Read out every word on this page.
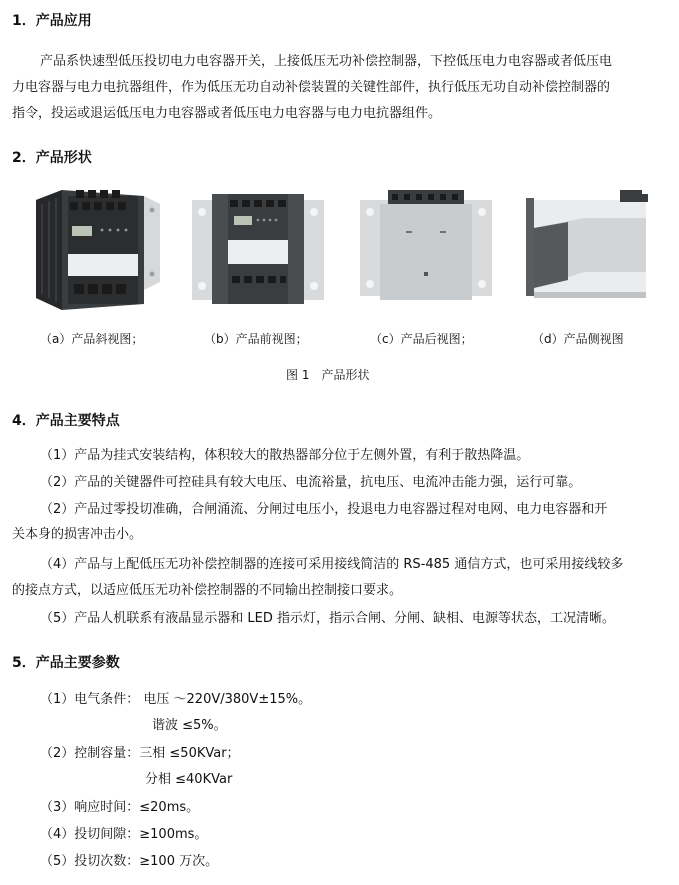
1．产品应用
产品系快速型低压投切电力电容器开关，上接低压无功补偿控制器，下控低压电力电容器或者低压电
力电容器与电力电抗器组件，作为低压无功自动补偿装置的关键性部件，执行低压无功自动补偿控制器的
指令，投运或退运低压电力电容器或者低压电力电容器与电力电抗器组件。
2．产品形状
（a）产品斜视图；	（b）产品前视图；	（c）产品后视图；	（d）产品侧视图
图 1　产品形状
4．产品主要特点
（1）产品为挂式安装结构，体积较大的散热器部分位于左侧外置，有利于散热降温。
（2）产品的关键器件可控硅具有较大电压、电流裕量，抗电压、电流冲击能力强，运行可靠。
（2）产品过零投切准确，合闸涌流、分闸过电压小，投退电力电容器过程对电网、电力电容器和开
关本身的损害冲击小。
（4）产品与上配低压无功补偿控制器的连接可采用接线简洁的 RS-485 通信方式，也可采用接线较多
的接点方式，以适应低压无功补偿控制器的不同输出控制接口要求。
（5）产品人机联系有液晶显示器和 LED 指示灯，指示合闸、分闸、缺相、电源等状态，工况清晰。
5．产品主要参数
（1）电气条件： 电压 ～220V/380V±15%。
谐波 ≤5%。
（2）控制容量：三相 ≤50KVar；
分相 ≤40KVar
（3）响应时间：≤20ms。
（4）投切间隙：≥100ms。
（5）投切次数：≥100 万次。
